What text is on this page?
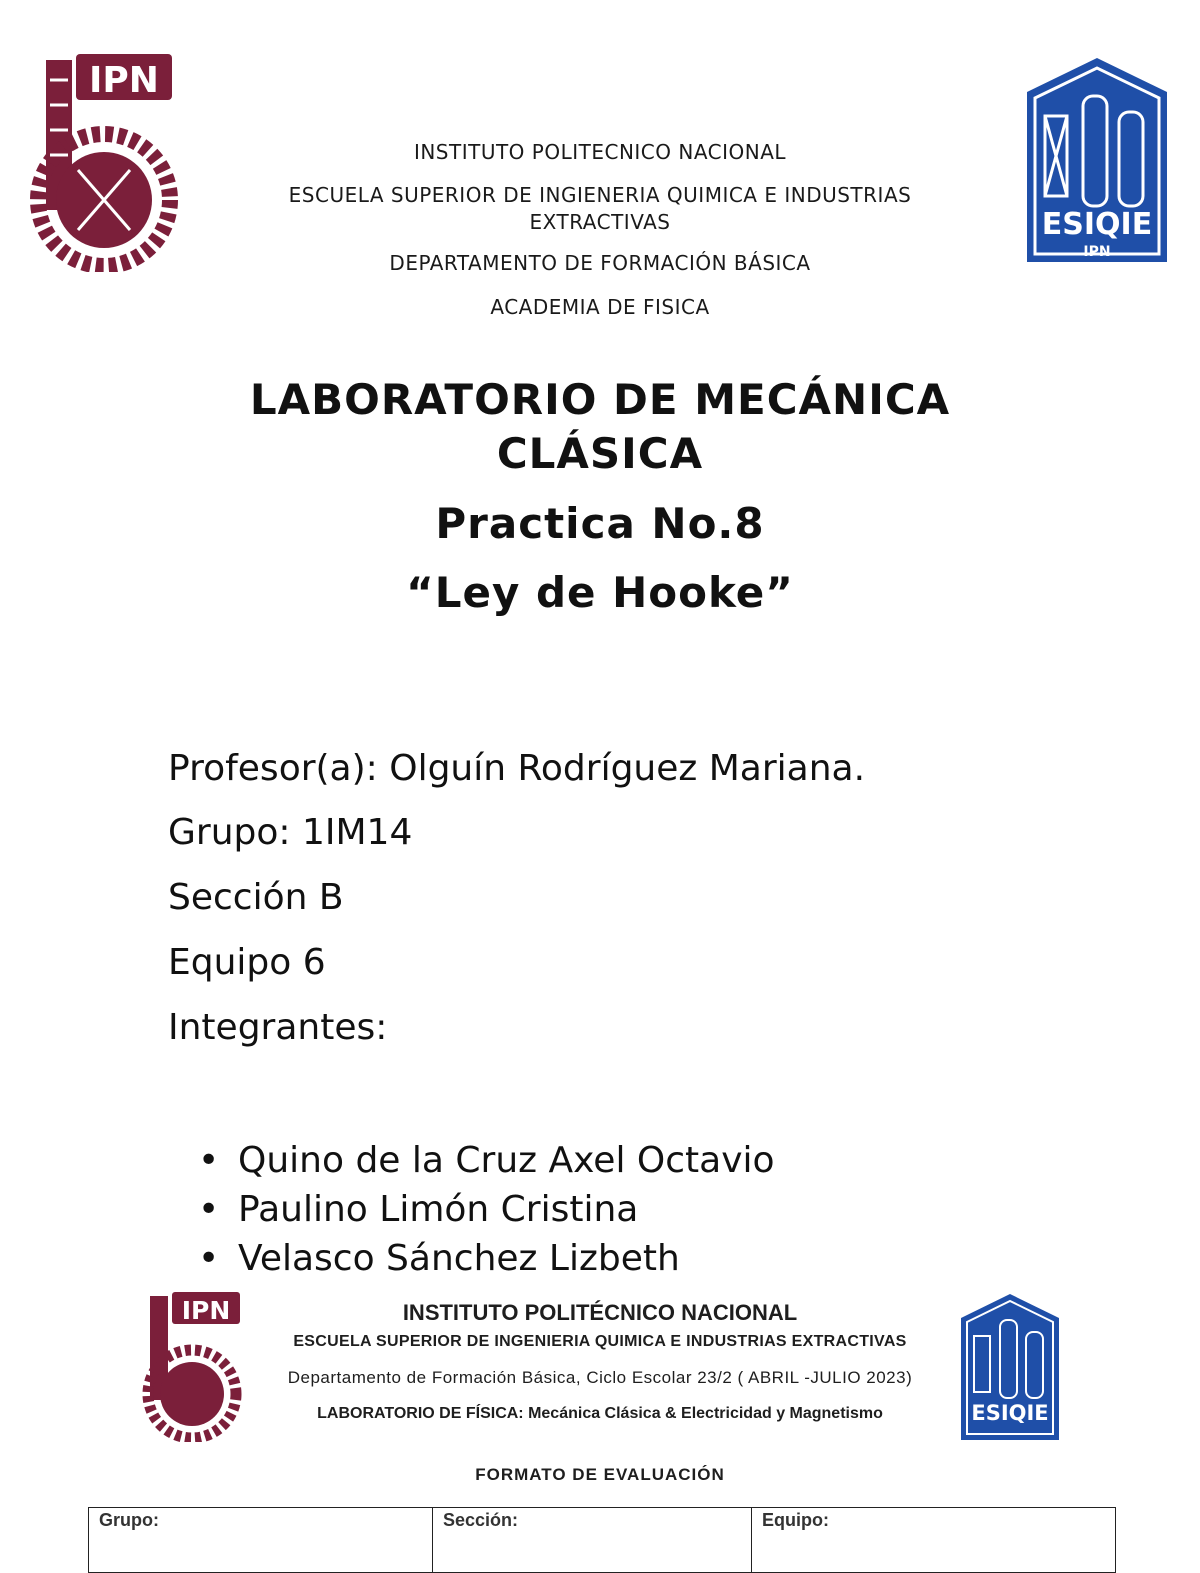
IPN
ESIQIE
IPN
INSTITUTO POLITECNICO NACIONAL
ESCUELA SUPERIOR DE INGIENERIA QUIMICA E INDUSTRIAS EXTRACTIVAS
DEPARTAMENTO DE FORMACIÓN BÁSICA
ACADEMIA DE FISICA
LABORATORIO DE MECÁNICA
CLÁSICA
Practica No.8
“Ley de Hooke”
Profesor(a): Olguín Rodríguez Mariana.
Grupo: 1IM14
Sección B
Equipo 6
Integrantes:
• Quino de la Cruz Axel Octavio
• Paulino Limón Cristina
• Velasco Sánchez Lizbeth
IPN
ESIQIE
INSTITUTO POLITÉCNICO NACIONAL
ESCUELA SUPERIOR DE INGENIERIA QUIMICA E INDUSTRIAS EXTRACTIVAS
Departamento de Formación Básica, Ciclo Escolar 23/2 ( ABRIL -JULIO 2023)
LABORATORIO DE FÍSICA: Mecánica Clásica & Electricidad y Magnetismo
FORMATO DE EVALUACIÓN
Grupo:	Sección:	Equipo:
